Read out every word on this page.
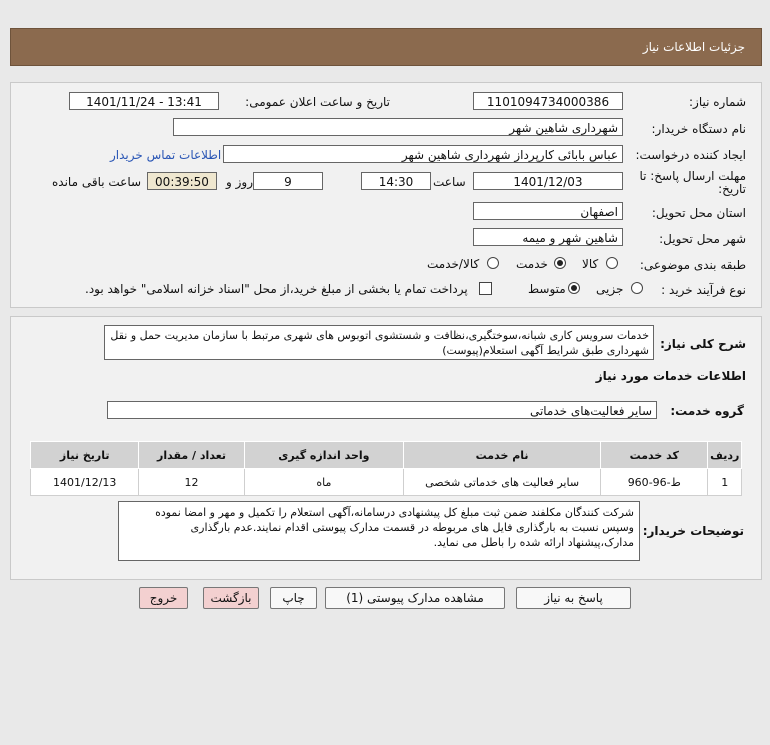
جزئیات اطلاعات نیاز
شماره نیاز:
1101094734000386
تاریخ و ساعت اعلان عمومی:
1401/11/24 - 13:41
نام دستگاه خریدار:
شهرداری شاهین شهر
ایجاد کننده درخواست:
عباس بابائی کارپرداز شهرداری شاهین شهر
اطلاعات تماس خریدار
مهلت ارسال پاسخ: تا
تاریخ:
1401/12/03
ساعت
14:30
9
روز و
00:39:50
ساعت باقی مانده
استان محل تحویل:
اصفهان
شهر محل تحویل:
شاهین شهر و میمه
طبقه بندی موضوعی:
کالا
خدمت
کالا/خدمت
نوع فرآیند خرید :
جزیی
متوسط
پرداخت تمام یا بخشی از مبلغ خرید،از محل "اسناد خزانه اسلامی" خواهد بود.
شرح کلی نیاز:
خدمات سرویس کاری شبانه،سوختگیری،نظافت و شستشوی اتوبوس های شهری مرتبط با سازمان مدیریت حمل و نقل شهرداری طبق شرایط آگهی استعلام(پیوست)
اطلاعات خدمات مورد نیاز
گروه خدمت:
سایر فعالیت‌های خدماتی
ردیف	کد خدمت	نام خدمت	واحد اندازه گیری	تعداد / مقدار	تاریخ نیاز
1	ط-96-960	سایر فعالیت های خدماتی شخصی	ماه	12	1401/12/13
توضیحات خریدار:
شرکت کنندگان مکلفند ضمن ثبت مبلغ کل پیشنهادی درسامانه،آگهی استعلام را تکمیل و مهر و امضا نموده وسپس نسبت به بارگذاری فایل های مربوطه در قسمت مدارک پیوستی اقدام نمایند.عدم بارگذاری مدارک،پیشنهاد ارائه شده را باطل می نماید.
پاسخ به نیاز
مشاهده مدارک پیوستی (1)
چاپ
بازگشت
خروج
